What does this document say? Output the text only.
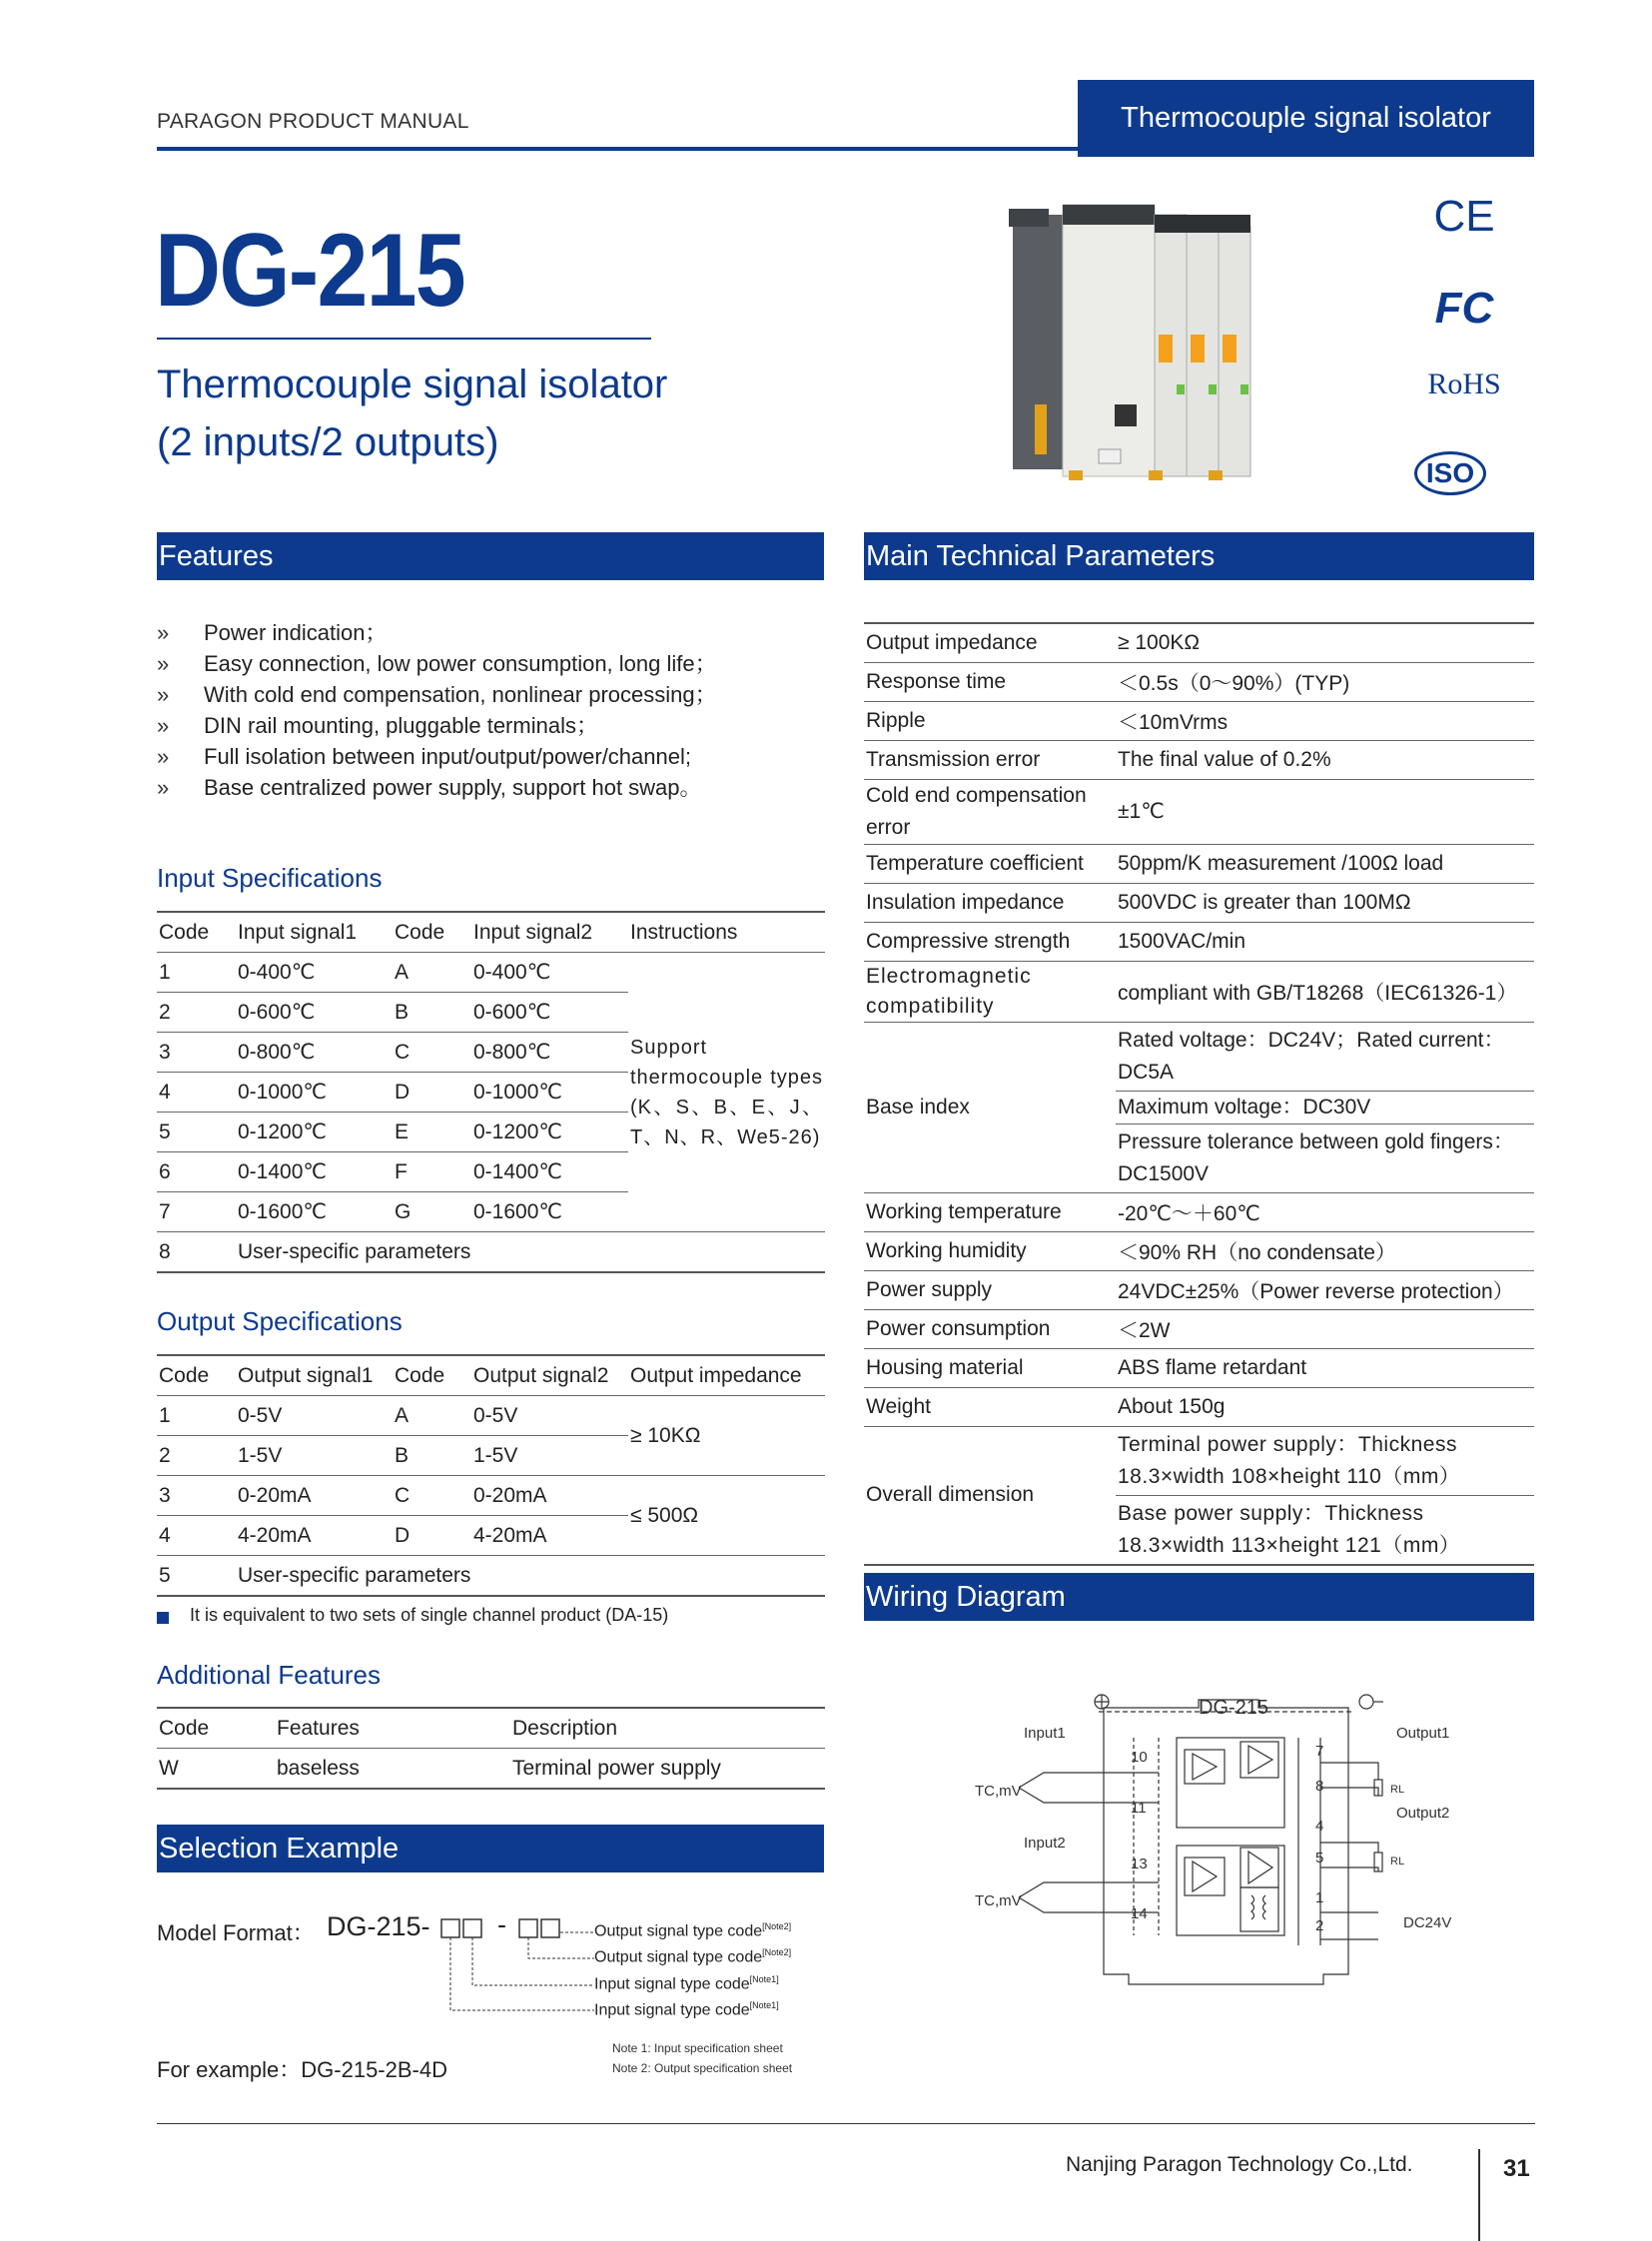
PARAGON PRODUCT MANUAL	Thermocouple signal isolator
DG-215
Thermocouple signal isolator
(2 inputs/2 outputs)
CE
FC
RoHS
ISO
Features
»	Power indication；
»	Easy connection, low power consumption, long life；
»	With cold end compensation, nonlinear processing；
»	DIN rail mounting, pluggable terminals；
»	Full isolation between input/output/power/channel;
»	Base centralized power supply, support hot swap。
Input Specifications
Code	Input signal1	Code	Input signal2	Instructions
1	0-400℃	A	0-400℃	Support thermocouple types (K、S、B、E、J、T、N、R、We5-26)
2	0-600℃	B	0-600℃	
3	0-800℃	C	0-800℃	
4	0-1000℃	D	0-1000℃	
5	0-1200℃	E	0-1200℃	
6	0-1400℃	F	0-1400℃	
7	0-1600℃	G	0-1600℃	
8	User-specific parameters			
Output Specifications
Code	Output signal1	Code	Output signal2	Output impedance
1	0-5V	A	0-5V	≥ 10KΩ
2	1-5V	B	1-5V	
3	0-20mA	C	0-20mA	≤ 500Ω
4	4-20mA	D	4-20mA	
5	User-specific parameters			
It is equivalent to two sets of single channel product (DA-15)
Additional Features
Code	Features	Description
W	baseless	Terminal power supply
Selection Example
Model Format： DG-215- -	Output signal type code[Note2]
Output signal type code[Note2]
Input signal type code[Note1]
Input signal type code[Note1]
Note 1: Input specification sheet
Note 2: Output specification sheet
For example：DG-215-2B-4D
Main Technical Parameters
Output impedance	≥ 100KΩ
Response time	＜0.5s（0～90%）(TYP)
Ripple	＜10mVrms
Transmission error	The final value of 0.2%
Cold end compensation error	±1℃
Temperature coefficient	50ppm/K measurement /100Ω load
Insulation impedance	500VDC is greater than 100MΩ
Compressive strength	1500VAC/min
Electromagnetic compatibility	compliant with GB/T18268（IEC61326-1）
Base index	Rated voltage：DC24V；Rated current：DC5A
Maximum voltage：DC30V
Pressure tolerance between gold fingers：DC1500V

Working temperature	-20℃～＋60℃
Working humidity	＜90% RH（no condensate）
Power supply	24VDC±25%（Power reverse protection）
Power consumption	＜2W
Housing material	ABS flame retardant
Weight	About 150g
Overall dimension	Terminal power supply：Thickness 18.3×width 108×height 110（mm）
Base power supply：Thickness 18.3×width 113×height 121（mm）
Wiring Diagram
DG-215
Input1
Input2
TC,mV
TC,mV
Output1
Output2
RL
RL
DC24V
10
11
13
14
7
8
4
5
1
2
Nanjing Paragon Technology Co.,Ltd.	31
